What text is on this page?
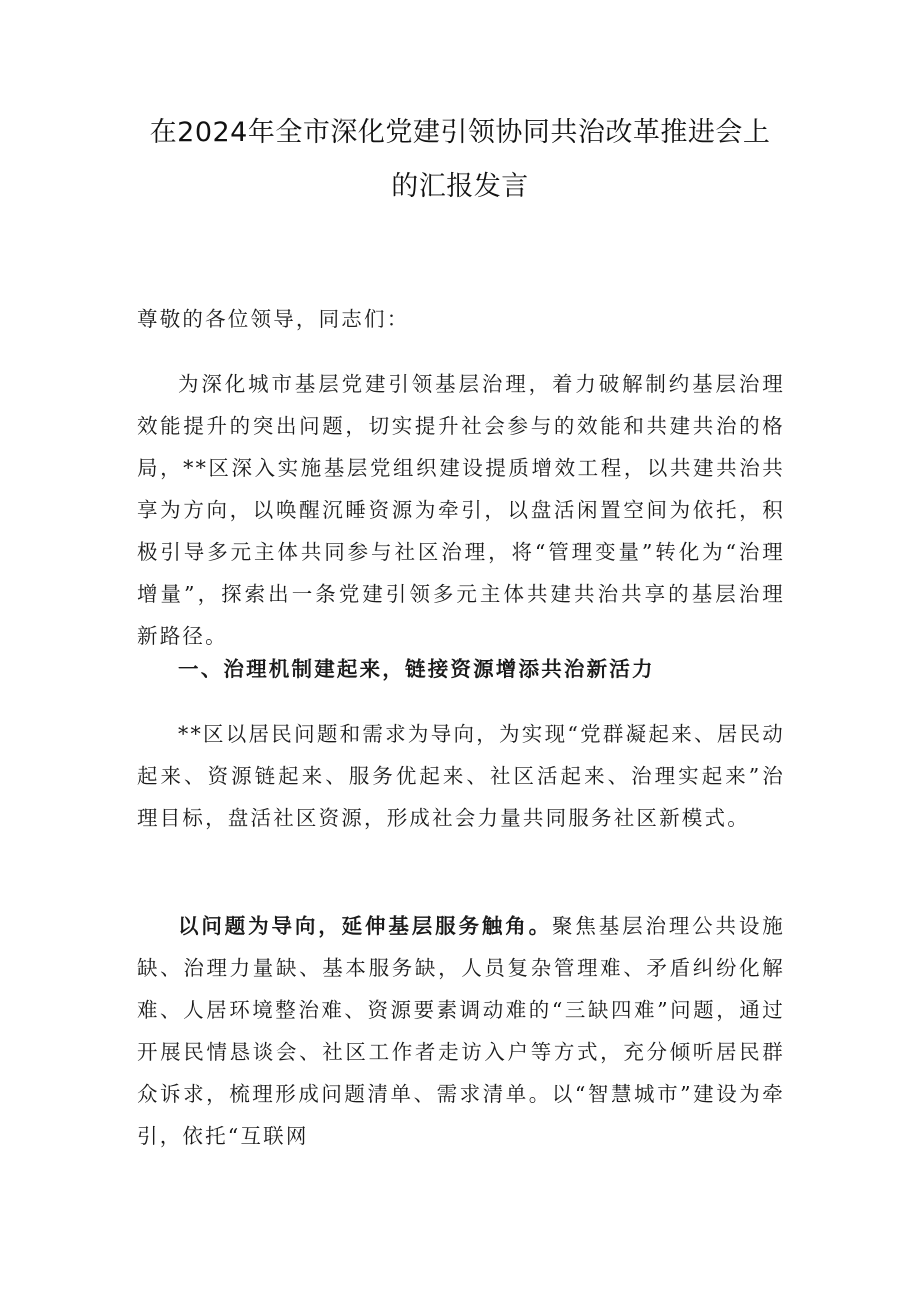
在2024年全市深化党建引领协同共治改革推进会上
的汇报发言

尊敬的各位领导，同志们：

为深化城市基层党建引领基层治理，着力破解制约基层治理效能提升的突出问题，切实提升社会参与的效能和共建共治的格局，**区深入实施基层党组织建设提质增效工程，以共建共治共享为方向，以唤醒沉睡资源为牵引，以盘活闲置空间为依托，积极引导多元主体共同参与社区治理，将“管理变量”转化为“治理增量”，探索出一条党建引领多元主体共建共治共享的基层治理新路径。

一、治理机制建起来，链接资源增添共治新活力

**区以居民问题和需求为导向，为实现“党群凝起来、居民动起来、资源链起来、服务优起来、社区活起来、治理实起来”治理目标，盘活社区资源，形成社会力量共同服务社区新模式。

以问题为导向，延伸基层服务触角。聚焦基层治理公共设施缺、治理力量缺、基本服务缺，人员复杂管理难、矛盾纠纷化解难、人居环境整治难、资源要素调动难的“三缺四难”问题，通过开展民情恳谈会、社区工作者走访入户等方式，充分倾听居民群众诉求，梳理形成问题清单、需求清单。以“智慧城市”建设为牵引，依托“互联网
